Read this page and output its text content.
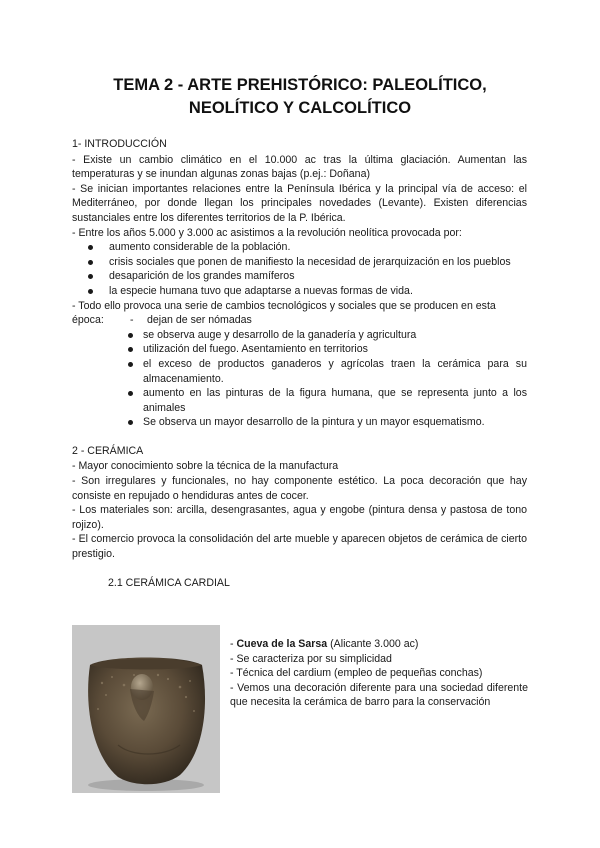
TEMA 2 - ARTE PREHISTÓRICO: PALEOLÍTICO,
NEOLÍTICO Y CALCOLÍTICO
1- INTRODUCCIÓN

- Existe un cambio climático en el 10.000 ac tras la última glaciación. Aumentan las temperaturas y se inundan algunas zonas bajas (p.ej.: Doñana)

- Se inician importantes relaciones entre la Península Ibérica y la principal vía de acceso: el Mediterráneo, por donde llegan los principales novedades (Levante). Existen diferencias sustanciales entre los diferentes territorios de la P. Ibérica.

- Entre los años 5.000 y 3.000 ac asistimos a la revolución neolítica provocada por:

aumento considerable de la población.
crisis sociales que ponen de manifiesto la necesidad de jerarquización en los pueblos
desaparición de los grandes mamíferos
la especie humana tuvo que adaptarse a nuevas formas de vida.

- Todo ello provoca una serie de cambios tecnológicos y sociales que se producen en esta

época: - dejan de ser nómadas
se observa auge y desarrollo de la ganadería y agricultura
utilización del fuego. Asentamiento en territorios
el exceso de productos ganaderos y agrícolas traen la cerámica para su almacenamiento.
aumento en las pinturas de la figura humana, que se representa junto a los animales
Se observa un mayor desarrollo de la pintura y un mayor esquematismo.
2 - CERÁMICA

- Mayor conocimiento sobre la técnica de la manufactura

- Son irregulares y funcionales, no hay componente estético. La poca decoración que hay consiste en repujado o hendiduras antes de cocer.

- Los materiales son: arcilla, desengrasantes, agua y engobe (pintura densa y pastosa de tono rojizo).

- El comercio provoca la consolidación del arte mueble y aparecen objetos de cerámica de cierto prestigio.

2.1 CERÁMICA CARDIAL

- Cueva de la Sarsa (Alicante 3.000 ac)

- Se caracteriza por su simplicidad

- Técnica del cardium (empleo de pequeñas conchas)

- Vemos una decoración diferente para una sociedad diferente que necesita la cerámica de barro para la conservación
